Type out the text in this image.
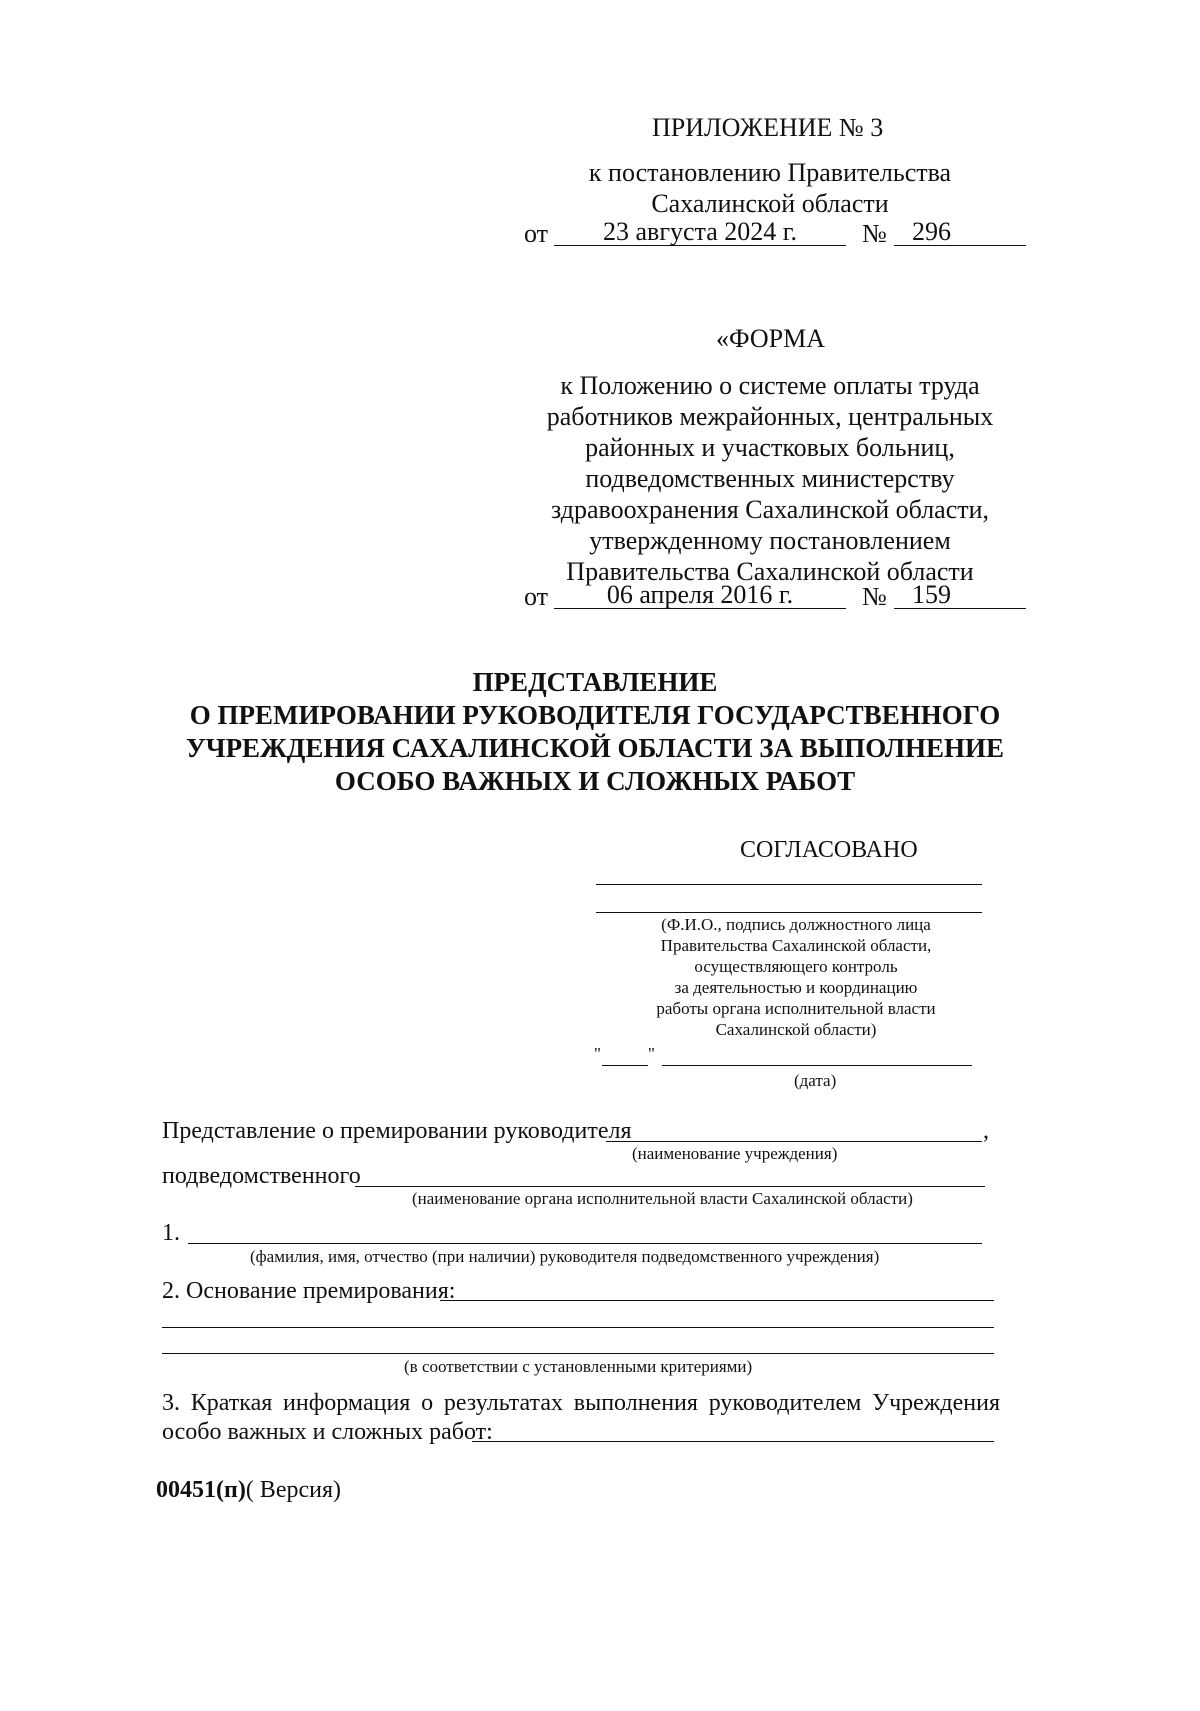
ПРИЛОЖЕНИЕ № 3
к постановлению Правительства
Сахалинской области
от	23 августа 2024 г.	№ 296
«ФОРМА
к Положению о системе оплаты труда
работников межрайонных, центральных
районных и участковых больниц,
подведомственных министерству
здравоохранения Сахалинской области,
утвержденному постановлением
Правительства Сахалинской области
от	06 апреля 2016 г.	№ 159
ПРЕДСТАВЛЕНИЕ
О ПРЕМИРОВАНИИ РУКОВОДИТЕЛЯ ГОСУДАРСТВЕННОГО
УЧРЕЖДЕНИЯ САХАЛИНСКОЙ ОБЛАСТИ ЗА ВЫПОЛНЕНИЕ
ОСОБО ВАЖНЫХ И СЛОЖНЫХ РАБОТ
СОГЛАСОВАНО
(Ф.И.О., подпись должностного лица
Правительства Сахалинской области,
осуществляющего контроль
за деятельностью и координацию
работы органа исполнительной власти
Сахалинской области)
"	"
(дата)
Представление о премировании руководителя	,
(наименование учреждения)
подведомственного
(наименование органа исполнительной власти Сахалинской области)
1.
(фамилия, имя, отчество (при наличии) руководителя подведомственного учреждения)
2. Основание премирования:
(в соответствии с установленными критериями)
3. Краткая информация о результатах выполнения руководителем Учреждения
особо важных и сложных работ:
00451(п)( Версия)
